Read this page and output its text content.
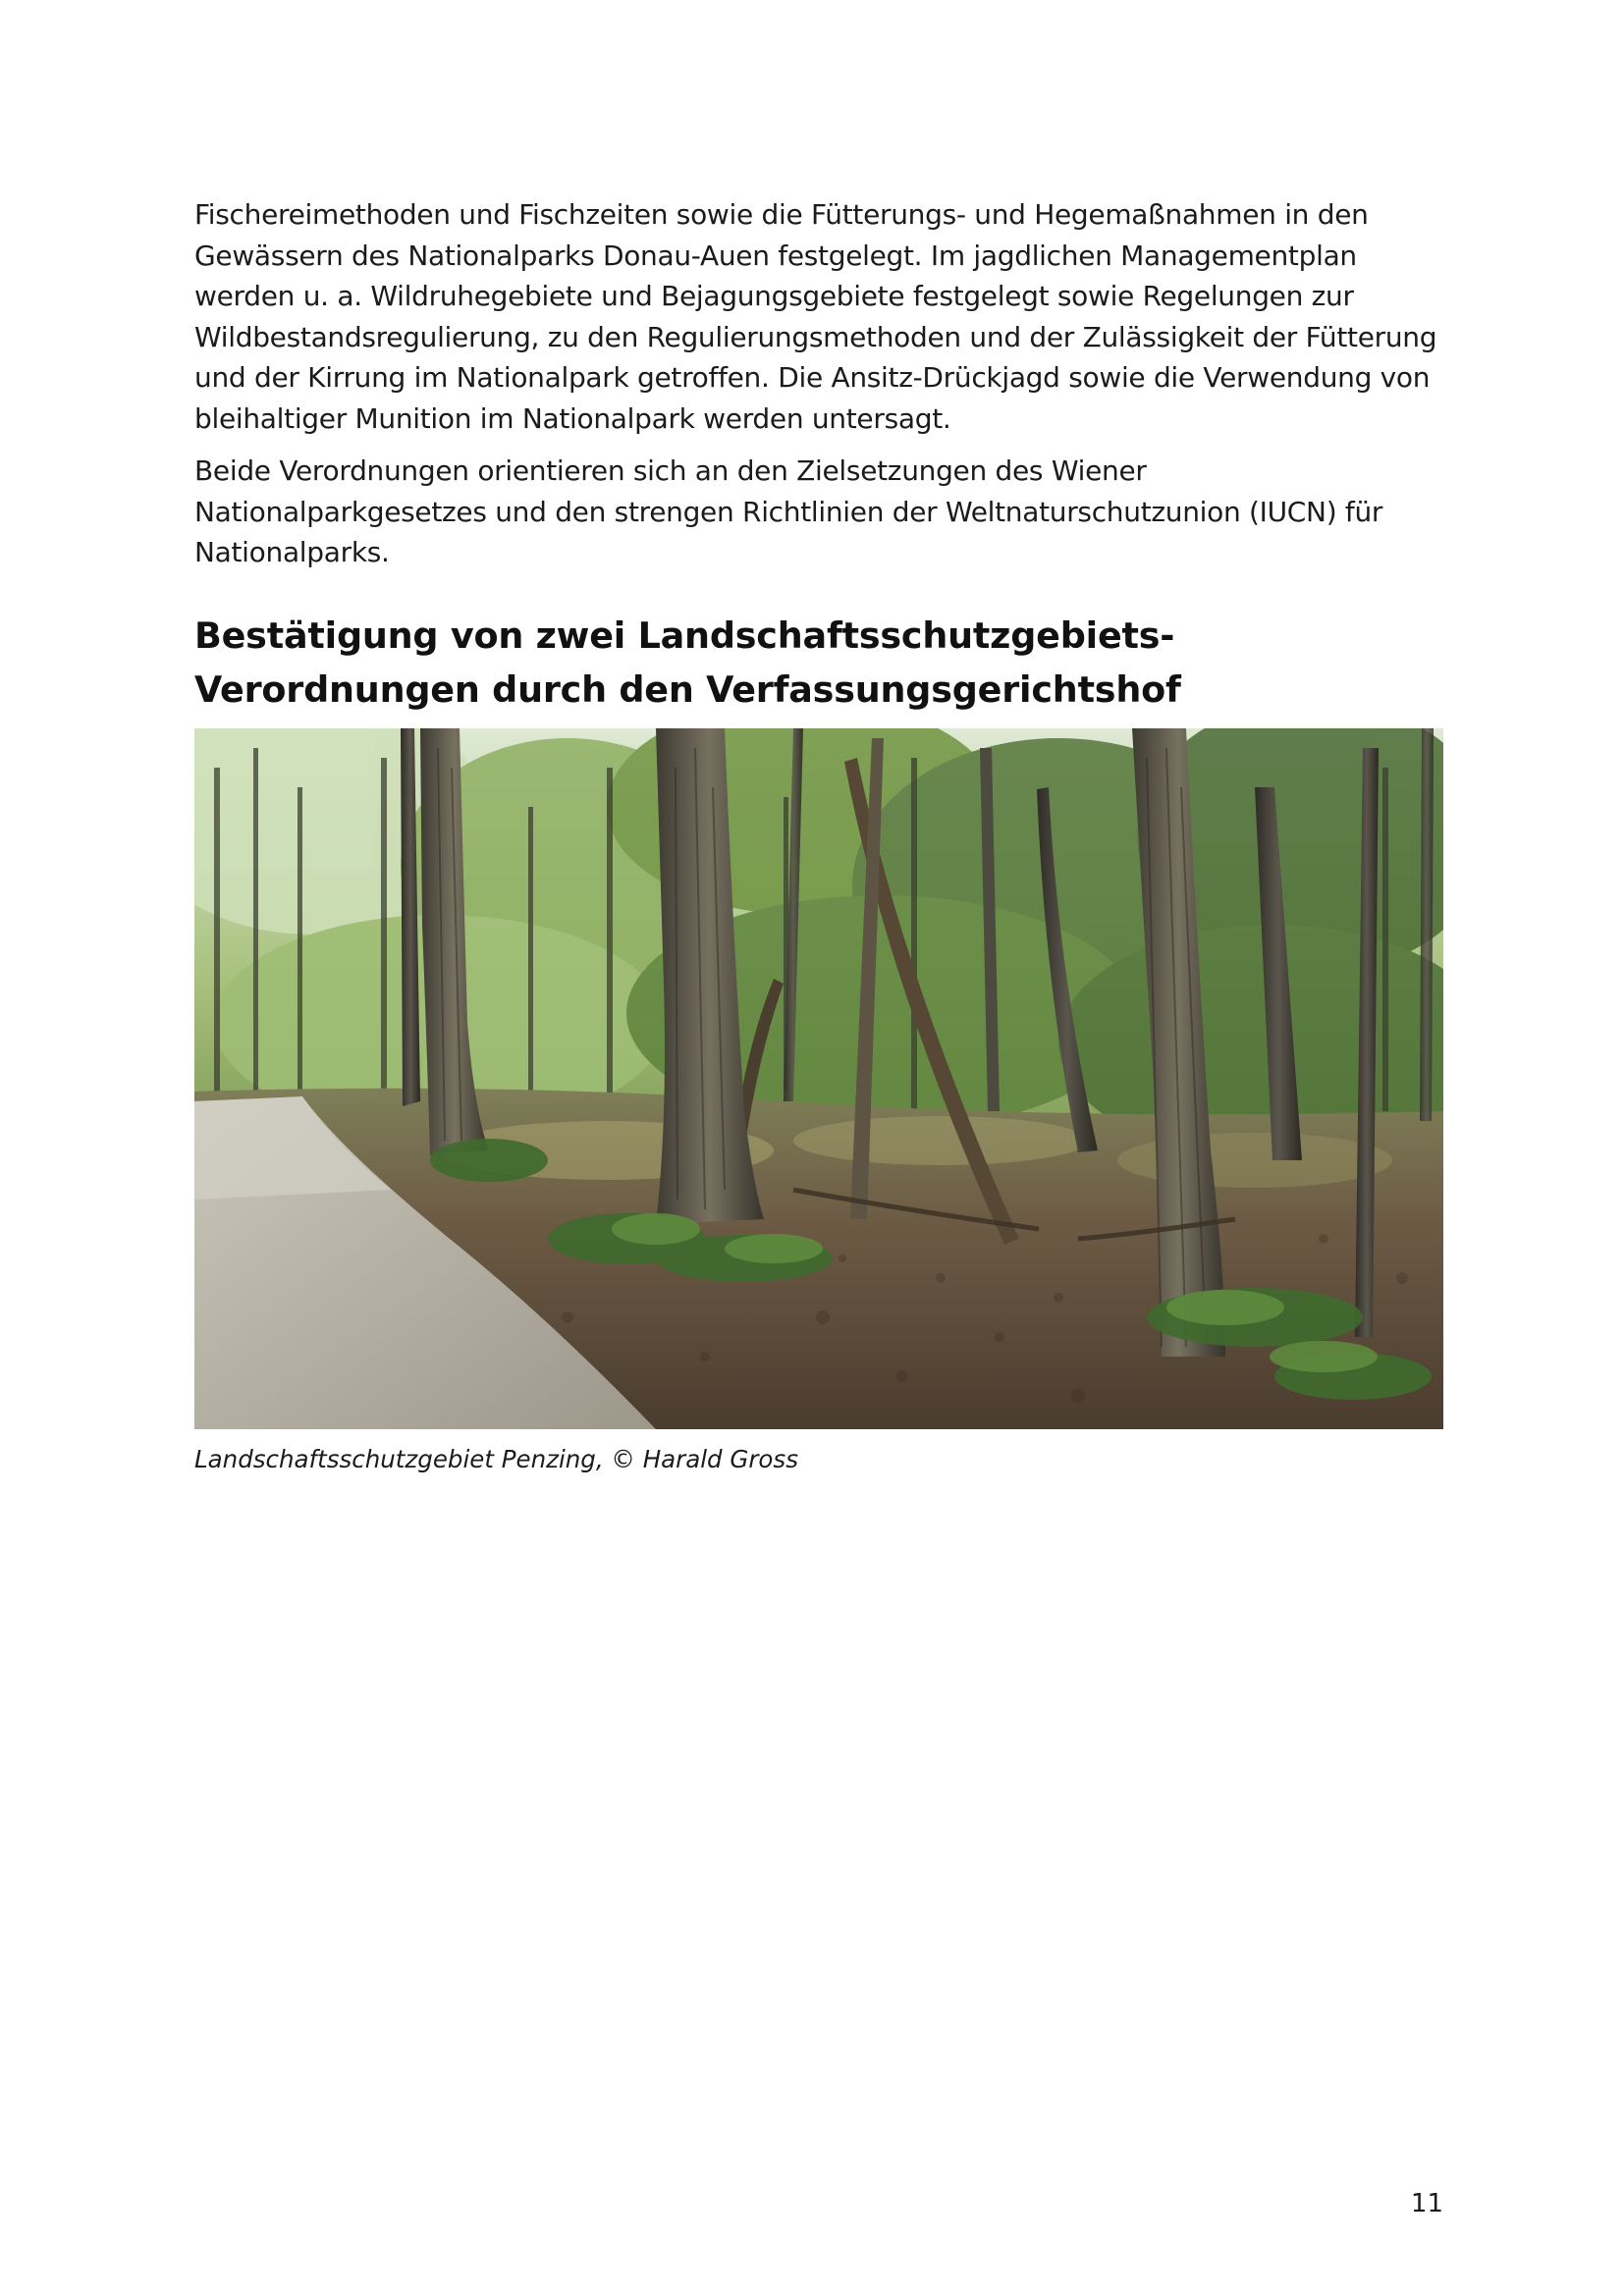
Fischereimethoden und Fischzeiten sowie die Fütterungs- und Hegemaßnahmen in den Gewässern des Nationalparks Donau-Auen festgelegt. Im jagdlichen Managementplan werden u. a. Wildruhegebiete und Bejagungsgebiete festgelegt sowie Regelungen zur Wildbestandsregulierung, zu den Regulierungsmethoden und der Zulässigkeit der Fütterung und der Kirrung im Nationalpark getroffen. Die Ansitz-Drückjagd sowie die Verwendung von bleihaltiger Munition im Nationalpark werden untersagt.

Beide Verordnungen orientieren sich an den Zielsetzungen des Wiener Nationalparkgesetzes und den strengen Richtlinien der Weltnaturschutzunion (IUCN) für Nationalparks.

Bestätigung von zwei Landschaftsschutzgebiets-Verordnungen durch den Verfassungsgerichtshof

Landschaftsschutzgebiet Penzing, © Harald Gross

11
